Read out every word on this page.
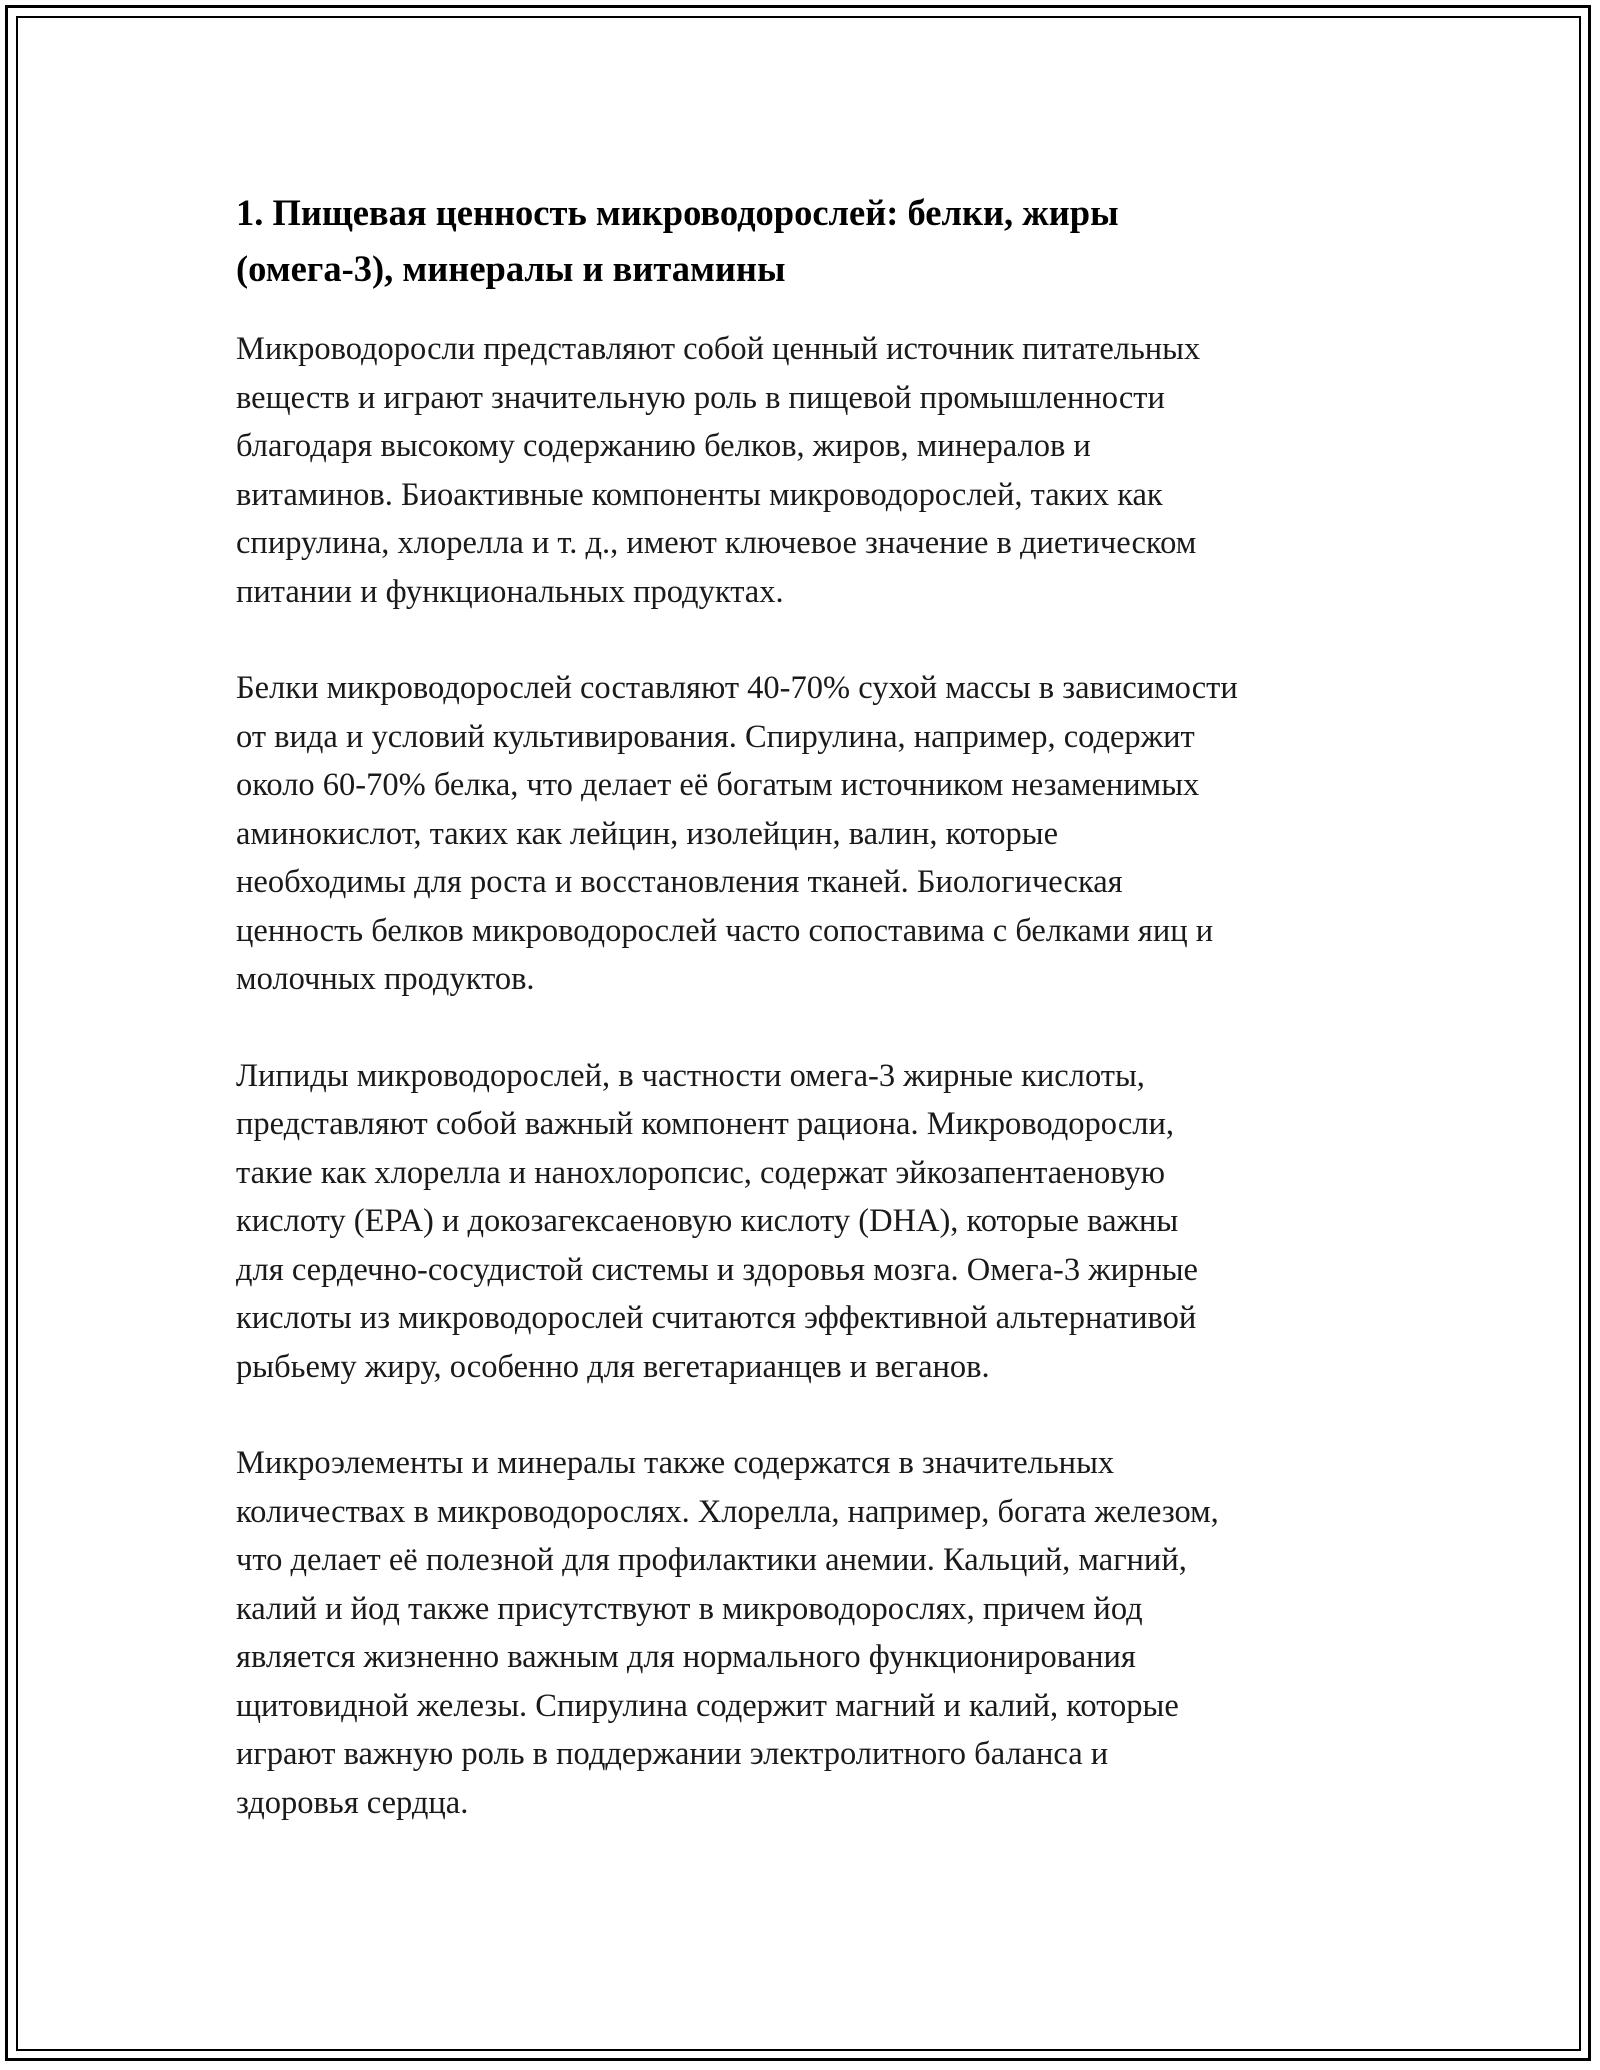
1. Пищевая ценность микроводорослей: белки, жиры
(омега-3), минералы и витамины

Микроводоросли представляют собой ценный источник питательных
веществ и играют значительную роль в пищевой промышленности
благодаря высокому содержанию белков, жиров, минералов и
витаминов. Биоактивные компоненты микроводорослей, таких как
спирулина, хлорелла и т. д., имеют ключевое значение в диетическом
питании и функциональных продуктах.

Белки микроводорослей составляют 40-70% сухой массы в зависимости
от вида и условий культивирования. Спирулина, например, содержит
около 60-70% белка, что делает её богатым источником незаменимых
аминокислот, таких как лейцин, изолейцин, валин, которые
необходимы для роста и восстановления тканей. Биологическая
ценность белков микроводорослей часто сопоставима с белками яиц и
молочных продуктов.

Липиды микроводорослей, в частности омега-3 жирные кислоты,
представляют собой важный компонент рациона. Микроводоросли,
такие как хлорелла и нанохлоропсис, содержат эйкозапентаеновую
кислоту (EPA) и докозагексаеновую кислоту (DHA), которые важны
для сердечно-сосудистой системы и здоровья мозга. Омега-3 жирные
кислоты из микроводорослей считаются эффективной альтернативой
рыбьему жиру, особенно для вегетарианцев и веганов.

Микроэлементы и минералы также содержатся в значительных
количествах в микроводорослях. Хлорелла, например, богата железом,
что делает её полезной для профилактики анемии. Кальций, магний,
калий и йод также присутствуют в микроводорослях, причем йод
является жизненно важным для нормального функционирования
щитовидной железы. Спирулина содержит магний и калий, которые
играют важную роль в поддержании электролитного баланса и
здоровья сердца.
